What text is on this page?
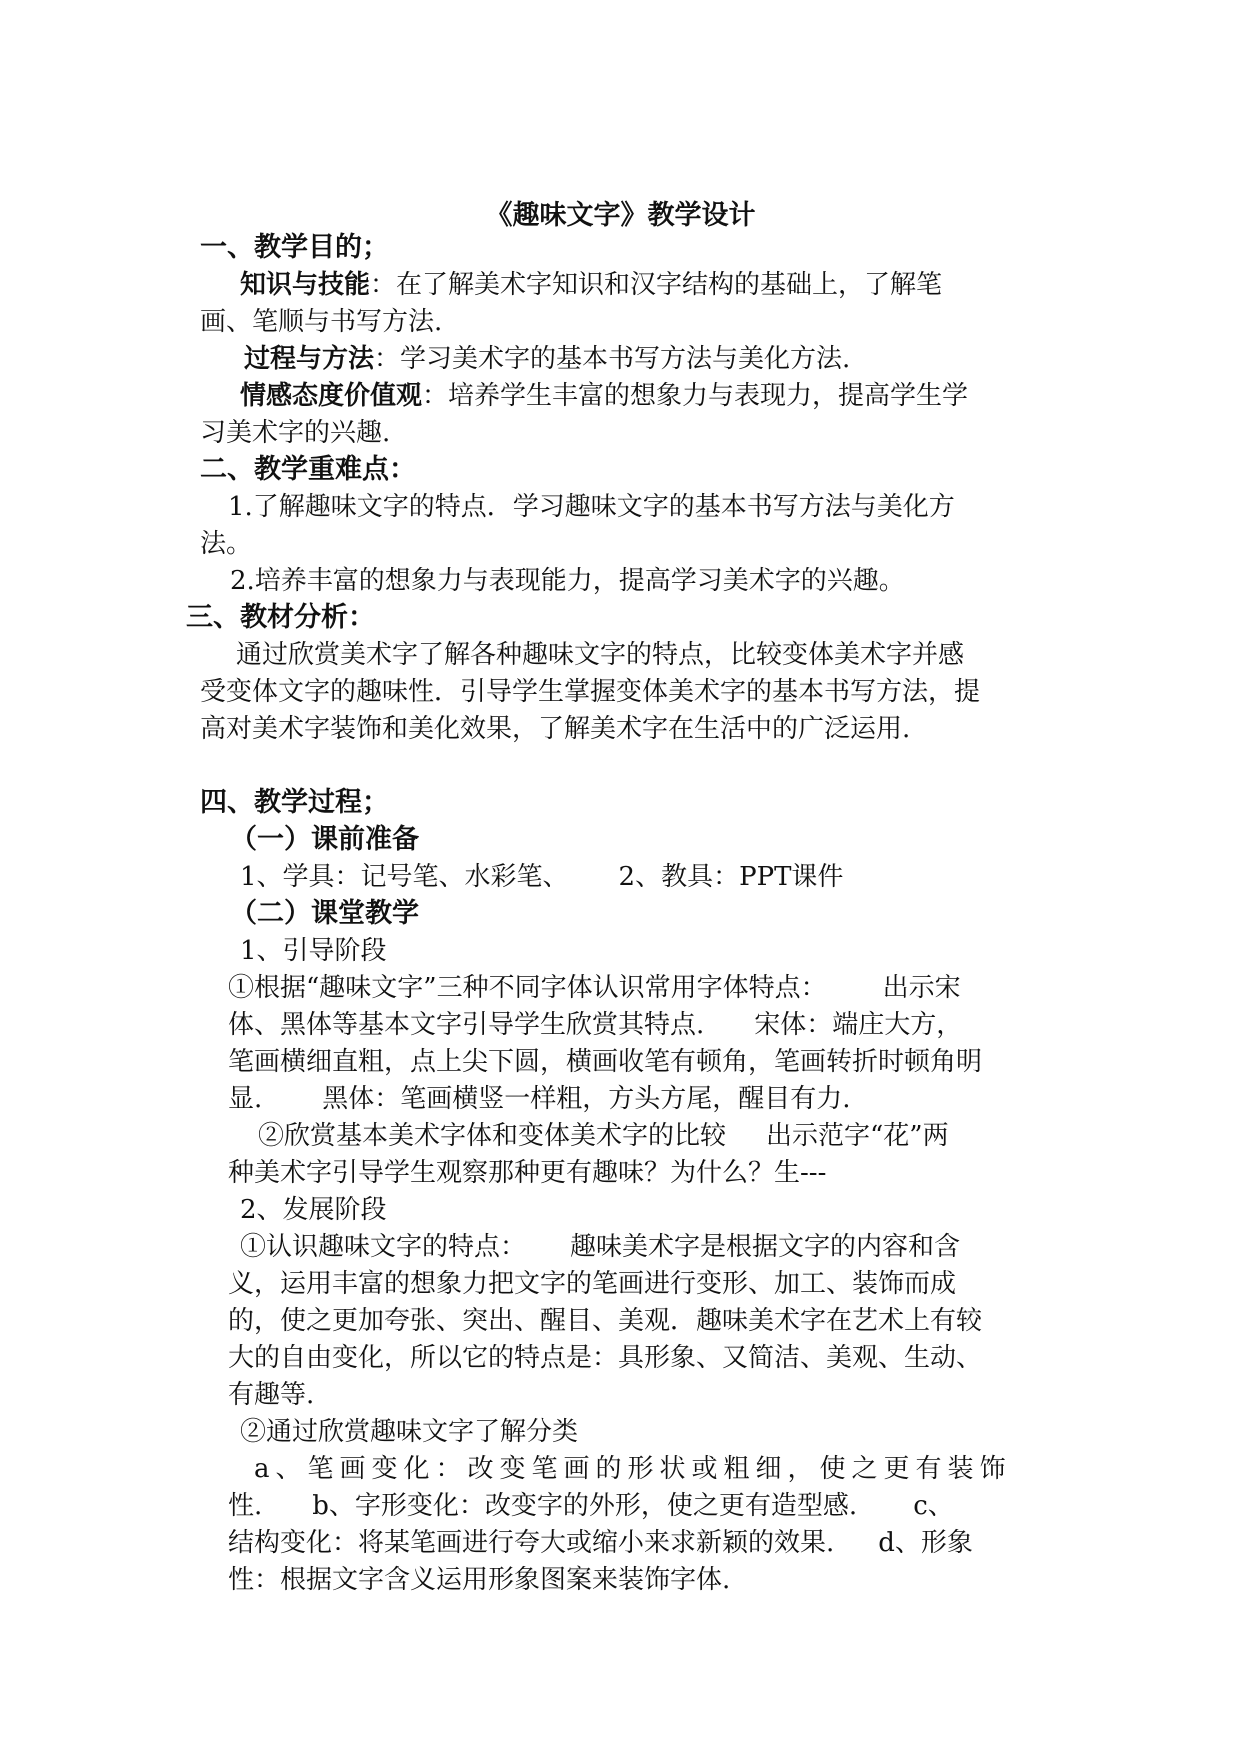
《趣味文字》教学设计
一、教学目的；
知识与技能：在了解美术字知识和汉字结构的基础上，了解笔
画、笔顺与书写方法.
过程与方法：学习美术字的基本书写方法与美化方法.
情感态度价值观：培养学生丰富的想象力与表现力，提高学生学
习美术字的兴趣.
二、教学重难点：
1.了解趣味文字的特点．学习趣味文字的基本书写方法与美化方
法。
2.培养丰富的想象力与表现能力，提高学习美术字的兴趣。
三、教材分析：
通过欣赏美术字了解各种趣味文字的特点，比较变体美术字并感
受变体文字的趣味性．引导学生掌握变体美术字的基本书写方法，提
高对美术字装饰和美化效果，了解美术字在生活中的广泛运用.
四、教学过程；
（一）课前准备
1、学具：记号笔、水彩笔、 2、教具：PPT课件
（二）课堂教学
1、引导阶段
①根据“趣味文字”三种不同字体认识常用字体特点： 出示宋
体、黑体等基本文字引导学生欣赏其特点. 宋体：端庄大方，
笔画横细直粗，点上尖下圆，横画收笔有顿角，笔画转折时顿角明
显. 黑体：笔画横竖一样粗，方头方尾，醒目有力.
②欣赏基本美术字体和变体美术字的比较 出示范字“花”两
种美术字引导学生观察那种更有趣味？为什么？生---
2、发展阶段
①认识趣味文字的特点： 趣味美术字是根据文字的内容和含
义，运用丰富的想象力把文字的笔画进行变形、加工、装饰而成
的，使之更加夸张、突出、醒目、美观．趣味美术字在艺术上有较
大的自由变化，所以它的特点是：具形象、又简洁、美观、生动、
有趣等.
②通过欣赏趣味文字了解分类
a、笔画变化：改变笔画的形状或粗细，使之更有装饰
性. b、字形变化：改变字的外形，使之更有造型感. c、
结构变化：将某笔画进行夸大或缩小来求新颖的效果. d、形象
性：根据文字含义运用形象图案来装饰字体.
